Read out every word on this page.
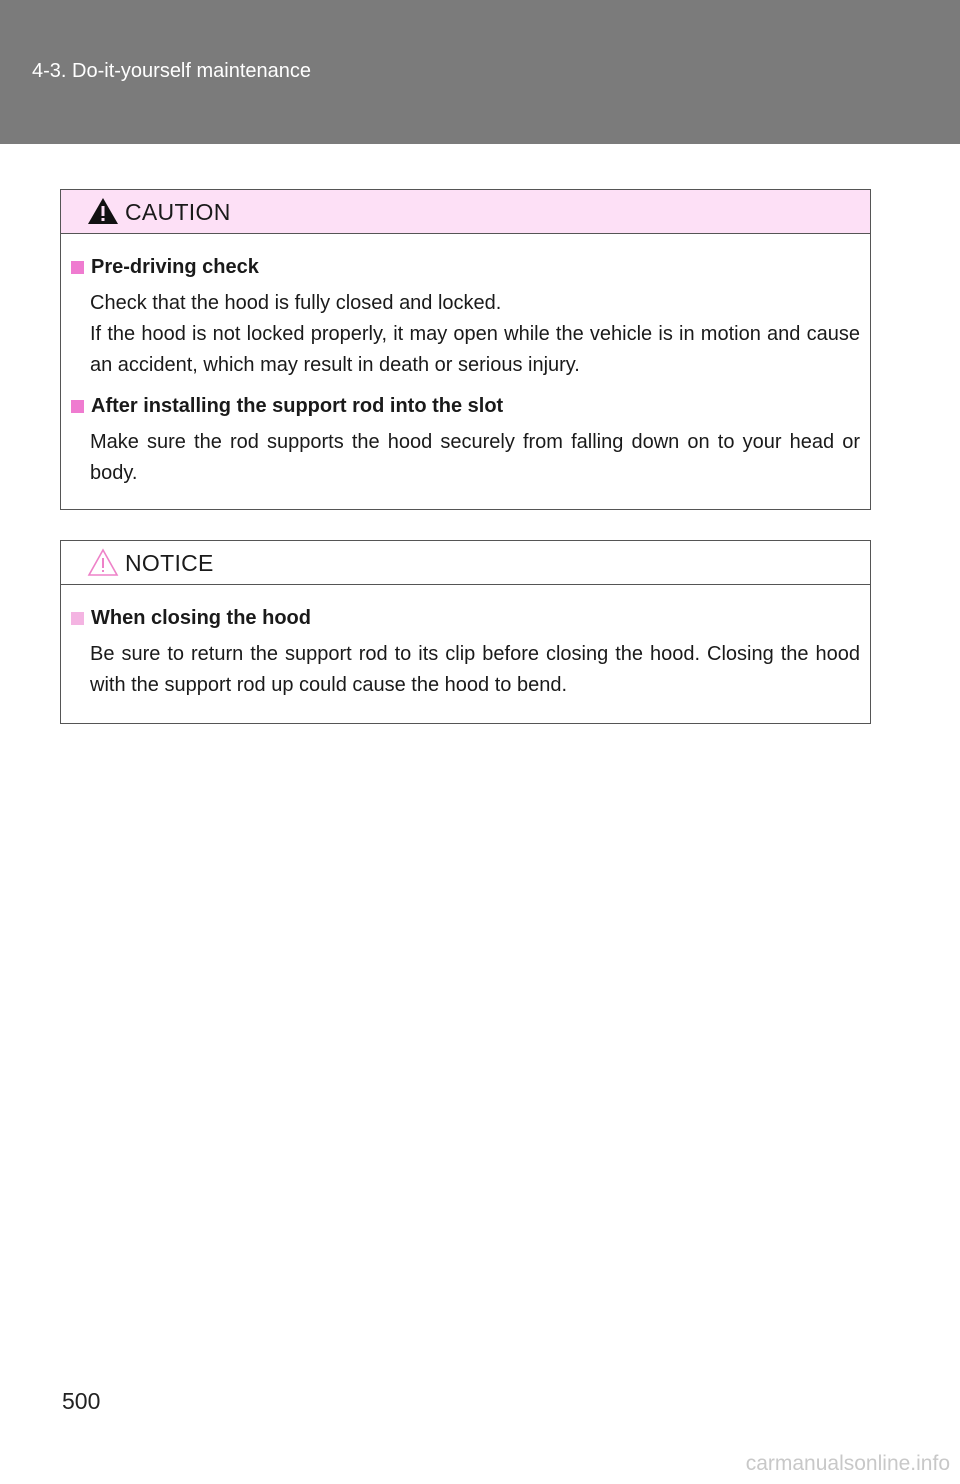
4-3. Do-it-yourself maintenance
CAUTION
Pre-driving check

Check that the hood is fully closed and locked.

If the hood is not locked properly, it may open while the vehicle is in motion and cause an accident, which may result in death or serious injury.

After installing the support rod into the slot

Make sure the rod supports the hood securely from falling down on to your head or body.

NOTICE
When closing the hood

Be sure to return the support rod to its clip before closing the hood. Closing the hood with the support rod up could cause the hood to bend.

500
carmanualsonline.info
